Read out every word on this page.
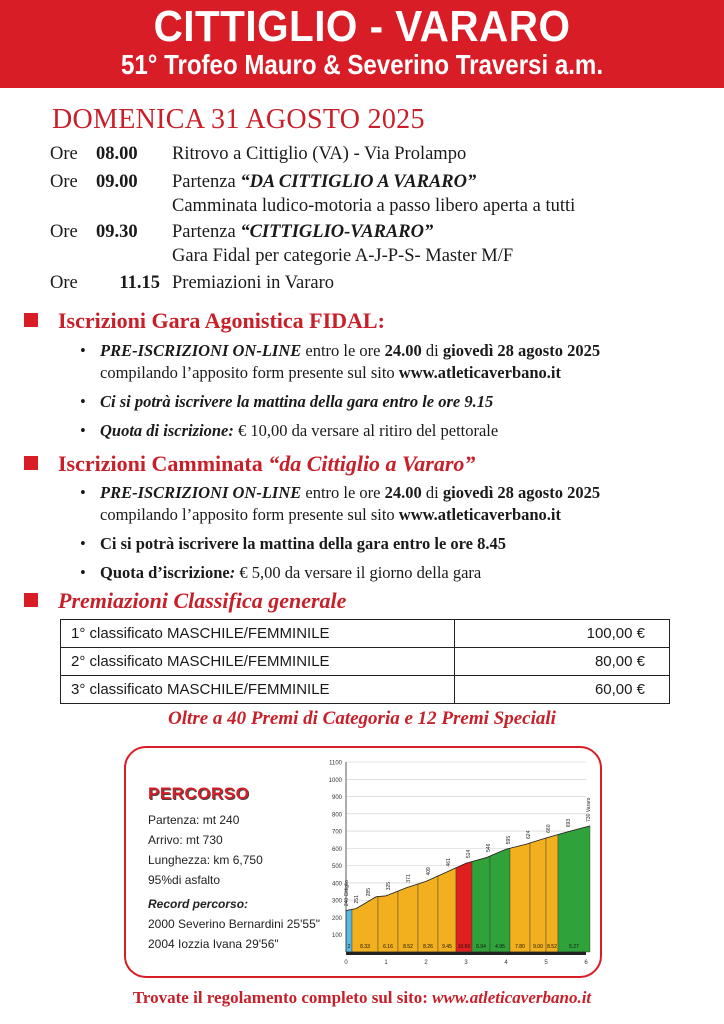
CITTIGLIO - VARARO
51° Trofeo Mauro & Severino Traversi a.m.
DOMENICA 31 AGOSTO 2025
Ore 08.00 Ritrovo a Cittiglio (VA) - Via Prolampo
Ore 09.00 Partenza “DA CITTIGLIO A VARARO”
Camminata ludico-motoria a passo libero aperta a tutti
Ore 09.30 Partenza “CITTIGLIO-VARARO”
Gara Fidal per categorie A-J-P-S- Master M/F
Ore 11.15 Premiazioni in Vararo
Iscrizioni Gara Agonistica FIDAL:
• PRE-ISCRIZIONI ON-LINE entro le ore 24.00 di giovedì 28 agosto 2025 compilando l’apposito form presente sul sito www.atleticaverbano.it
• Ci si potrà iscrivere la mattina della gara entro le ore 9.15
• Quota di iscrizione: € 10,00 da versare al ritiro del pettorale
Iscrizioni Camminata “da Cittiglio a Vararo”
• PRE-ISCRIZIONI ON-LINE entro le ore 24.00 di giovedì 28 agosto 2025 compilando l’apposito form presente sul sito www.atleticaverbano.it
• Ci si potrà iscrivere la mattina della gara entro le ore 8.45
• Quota d’iscrizione: € 5,00 da versare il giorno della gara
Premiazioni Classifica generale
1° classificato MASCHILE/FEMMINILE	100,00 €
2° classificato MASCHILE/FEMMINILE	80,00 €
3° classificato MASCHILE/FEMMINILE	60,00 €
Oltre a 40 Premi di Categoria e 12 Premi Speciali
PERCORSO
Partenza: mt 240
Arrivo: mt 730
Lunghezza: km 6,750
95%di asfalto
Record percorso:
2000 Severino Bernardini 25'55"
2004 Iozzia Ivana 29'56"
100
200
300
400
500
600
700
800
900
1000
1100
2 8.33	6.16 8.52 8.26 9.45 10.60 6.94 4.95 7.80 9.00 8.52 5.27
240 Cittiglio 251
285
325
371
409
461
514
546
595
624
660
693
730 Vararo
0	1	2	3	4	5	6
Trovate il regolamento completo sul sito: www.atleticaverbano.it
